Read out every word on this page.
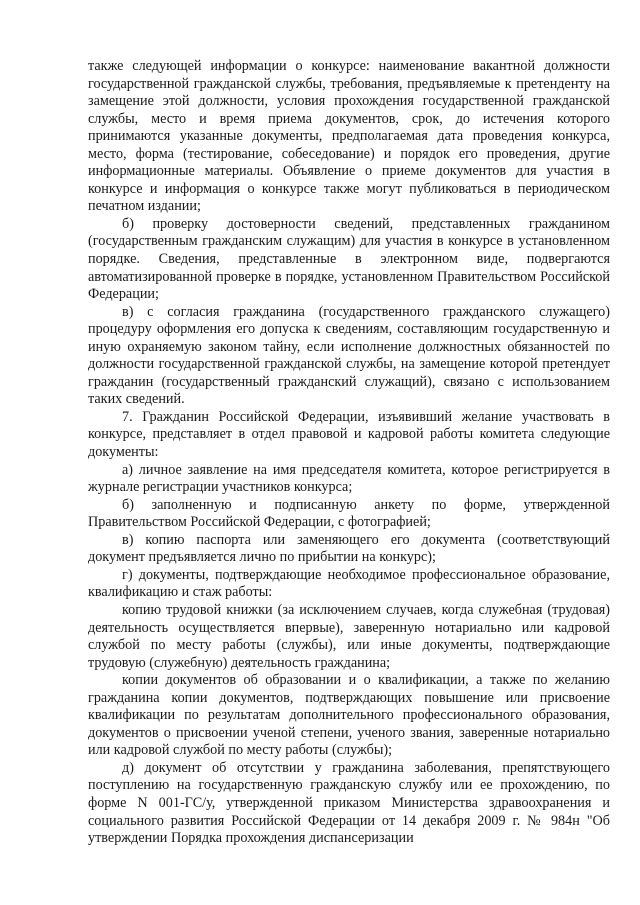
также следующей информации о конкурсе: наименование вакантной должности государственной гражданской службы, требования, предъявляемые к претенденту на замещение этой должности, условия прохождения государственной гражданской службы, место и время приема документов, срок, до истечения которого принимаются указанные документы, предполагаемая дата проведения конкурса, место, форма (тестирование, собеседование) и порядок его проведения, другие информационные материалы. Объявление о приеме документов для участия в конкурсе и информация о конкурсе также могут публиковаться в периодическом печатном издании;

б) проверку достоверности сведений, представленных гражданином (государственным гражданским служащим) для участия в конкурсе в установленном порядке. Сведения, представленные в электронном виде, подвергаются автоматизированной проверке в порядке, установленном Правительством Российской Федерации;

в) с согласия гражданина (государственного гражданского служащего) процедуру оформления его допуска к сведениям, составляющим государственную и иную охраняемую законом тайну, если исполнение должностных обязанностей по должности государственной гражданской службы, на замещение которой претендует гражданин (государственный гражданский служащий), связано с использованием таких сведений.

7. Гражданин Российской Федерации, изъявивший желание участвовать в конкурсе, представляет в отдел правовой и кадровой работы комитета следующие документы:

а) личное заявление на имя председателя комитета, которое регистрируется в журнале регистрации участников конкурса;

б) заполненную и подписанную анкету по форме, утвержденной Правительством Российской Федерации, с фотографией;

в) копию паспорта или заменяющего его документа (соответствующий документ предъявляется лично по прибытии на конкурс);

г) документы, подтверждающие необходимое профессиональное образование, квалификацию и стаж работы:

копию трудовой книжки (за исключением случаев, когда служебная (трудовая) деятельность осуществляется впервые), заверенную нотариально или кадровой службой по месту работы (службы), или иные документы, подтверждающие трудовую (служебную) деятельность гражданина;

копии документов об образовании и о квалификации, а также по желанию гражданина копии документов, подтверждающих повышение или присвоение квалификации по результатам дополнительного профессионального образования, документов о присвоении ученой степени, ученого звания, заверенные нотариально или кадровой службой по месту работы (службы);

д) документ об отсутствии у гражданина заболевания, препятствующего поступлению на государственную гражданскую службу или ее прохождению, по форме N 001-ГС/у, утвержденной приказом Министерства здравоохранения и социального развития Российской Федерации от 14 декабря 2009 г. № 984н "Об утверждении Порядка прохождения диспансеризации
